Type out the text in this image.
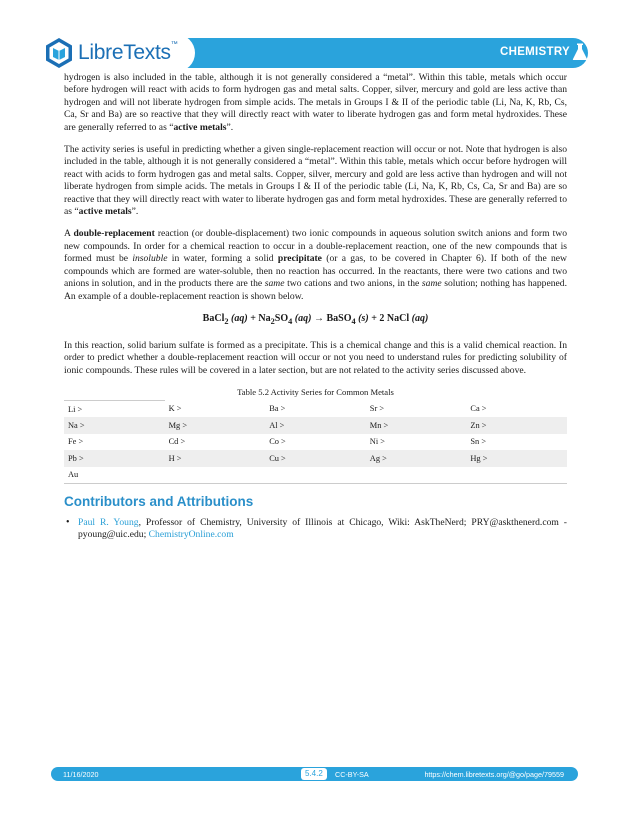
LibreTexts™
CHEMISTRY

hydrogen is also included in the table, although it is not generally considered a “metal”. Within this table, metals which occur before hydrogen will react with acids to form hydrogen gas and metal salts. Copper, silver, mercury and gold are less active than hydrogen and will not liberate hydrogen from simple acids. The metals in Groups I & II of the periodic table (Li, Na, K, Rb, Cs, Ca, Sr and Ba) are so reactive that they will directly react with water to liberate hydrogen gas and form metal hydroxides. These are generally referred to as “active metals”.

The activity series is useful in predicting whether a given single-replacement reaction will occur or not. Note that hydrogen is also included in the table, although it is not generally considered a “metal”. Within this table, metals which occur before hydrogen will react with acids to form hydrogen gas and metal salts. Copper, silver, mercury and gold are less active than hydrogen and will not liberate hydrogen from simple acids. The metals in Groups I & II of the periodic table (Li, Na, K, Rb, Cs, Ca, Sr and Ba) are so reactive that they will directly react with water to liberate hydrogen gas and form metal hydroxides. These are generally referred to as “active metals”.

A double-replacement reaction (or double-displacement) two ionic compounds in aqueous solution switch anions and form two new compounds. In order for a chemical reaction to occur in a double-replacement reaction, one of the new compounds that is formed must be insoluble in water, forming a solid precipitate (or a gas, to be covered in Chapter 6). If both of the new compounds which are formed are water-soluble, then no reaction has occurred. In the reactants, there were two cations and two anions in solution, and in the products there are the same two cations and two anions, in the same solution; nothing has happened. An example of a double-replacement reaction is shown below.

BaCl$_2$ $(aq) + Na_2SO_4$ (aq) → BaSO$_4$ (s) + 2 NaCl (aq)

In this reaction, solid barium sulfate is formed as a precipitate. This is a chemical change and this is a valid chemical reaction. In order to predict whether a double-replacement reaction will occur or not you need to understand rules for predicting solubility of ionic compounds. These rules will be covered in a later section, but are not related to the activity series discussed above.

Table 5.2 Activity Series for Common Metals
Li >	K >	Ba >	Sr >	Ca >
Na >	Mg >	Al >	Mn >	Zn >
Fe >	Cd >	Co >	Ni >	Sn >
Pb >	H >	Cu >	Ag >	Hg >
Au				
Contributors and Attributions
• Paul R. Young, Professor of Chemistry, University of Illinois at Chicago, Wiki: AskTheNerd; PRY@askthenerd.com - pyoung@uic.edu; ChemistryOnline.com
11/16/2020	5.4.2	CC-BY-SA	https://chem.libretexts.org/@go/page/79559
